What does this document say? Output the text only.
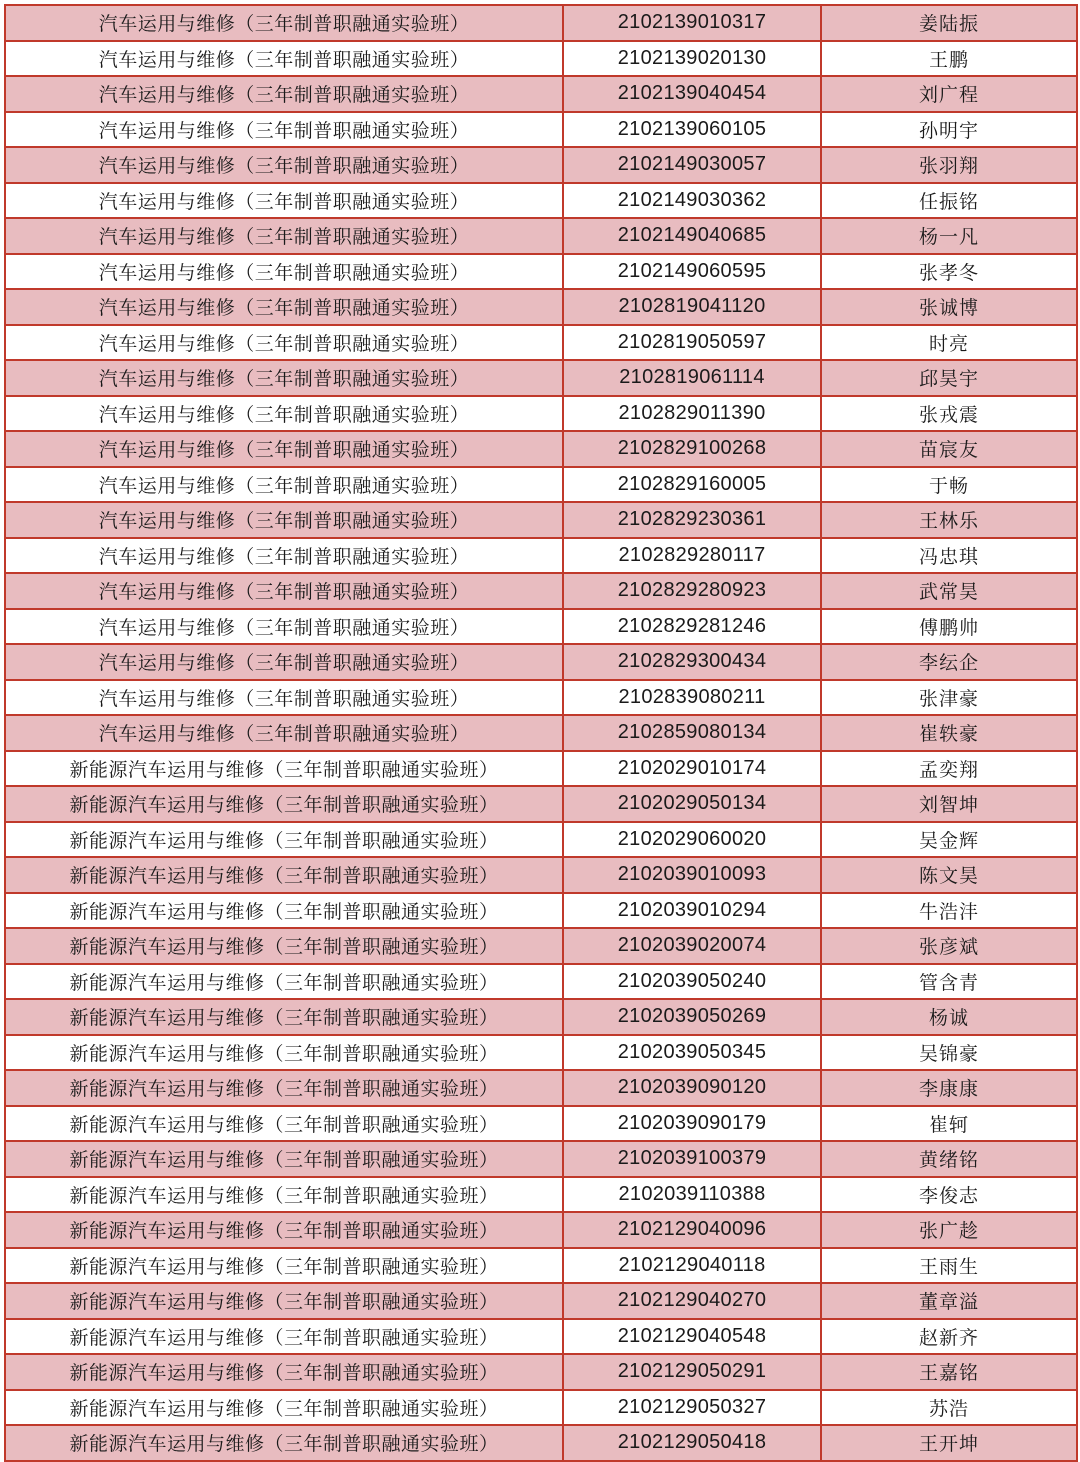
汽车运用与维修（三年制普职融通实验班）	2102139010317	姜陆振
汽车运用与维修（三年制普职融通实验班）	2102139020130	王鹏
汽车运用与维修（三年制普职融通实验班）	2102139040454	刘广程
汽车运用与维修（三年制普职融通实验班）	2102139060105	孙明宇
汽车运用与维修（三年制普职融通实验班）	2102149030057	张羽翔
汽车运用与维修（三年制普职融通实验班）	2102149030362	任振铭
汽车运用与维修（三年制普职融通实验班）	2102149040685	杨一凡
汽车运用与维修（三年制普职融通实验班）	2102149060595	张孝冬
汽车运用与维修（三年制普职融通实验班）	2102819041120	张诚博
汽车运用与维修（三年制普职融通实验班）	2102819050597	时亮
汽车运用与维修（三年制普职融通实验班）	2102819061114	邱昊宇
汽车运用与维修（三年制普职融通实验班）	2102829011390	张戎震
汽车运用与维修（三年制普职融通实验班）	2102829100268	苗宸友
汽车运用与维修（三年制普职融通实验班）	2102829160005	于畅
汽车运用与维修（三年制普职融通实验班）	2102829230361	王林乐
汽车运用与维修（三年制普职融通实验班）	2102829280117	冯忠琪
汽车运用与维修（三年制普职融通实验班）	2102829280923	武常昊
汽车运用与维修（三年制普职融通实验班）	2102829281246	傅鹏帅
汽车运用与维修（三年制普职融通实验班）	2102829300434	李纭企
汽车运用与维修（三年制普职融通实验班）	2102839080211	张津豪
汽车运用与维修（三年制普职融通实验班）	2102859080134	崔轶豪
新能源汽车运用与维修（三年制普职融通实验班）	2102029010174	孟奕翔
新能源汽车运用与维修（三年制普职融通实验班）	2102029050134	刘智坤
新能源汽车运用与维修（三年制普职融通实验班）	2102029060020	吴金辉
新能源汽车运用与维修（三年制普职融通实验班）	2102039010093	陈文昊
新能源汽车运用与维修（三年制普职融通实验班）	2102039010294	牛浩沣
新能源汽车运用与维修（三年制普职融通实验班）	2102039020074	张彦斌
新能源汽车运用与维修（三年制普职融通实验班）	2102039050240	管含青
新能源汽车运用与维修（三年制普职融通实验班）	2102039050269	杨诚
新能源汽车运用与维修（三年制普职融通实验班）	2102039050345	吴锦豪
新能源汽车运用与维修（三年制普职融通实验班）	2102039090120	李康康
新能源汽车运用与维修（三年制普职融通实验班）	2102039090179	崔轲
新能源汽车运用与维修（三年制普职融通实验班）	2102039100379	黄绪铭
新能源汽车运用与维修（三年制普职融通实验班）	2102039110388	李俊志
新能源汽车运用与维修（三年制普职融通实验班）	2102129040096	张广趁
新能源汽车运用与维修（三年制普职融通实验班）	2102129040118	王雨生
新能源汽车运用与维修（三年制普职融通实验班）	2102129040270	董章溢
新能源汽车运用与维修（三年制普职融通实验班）	2102129040548	赵新齐
新能源汽车运用与维修（三年制普职融通实验班）	2102129050291	王嘉铭
新能源汽车运用与维修（三年制普职融通实验班）	2102129050327	苏浩
新能源汽车运用与维修（三年制普职融通实验班）	2102129050418	王开坤
